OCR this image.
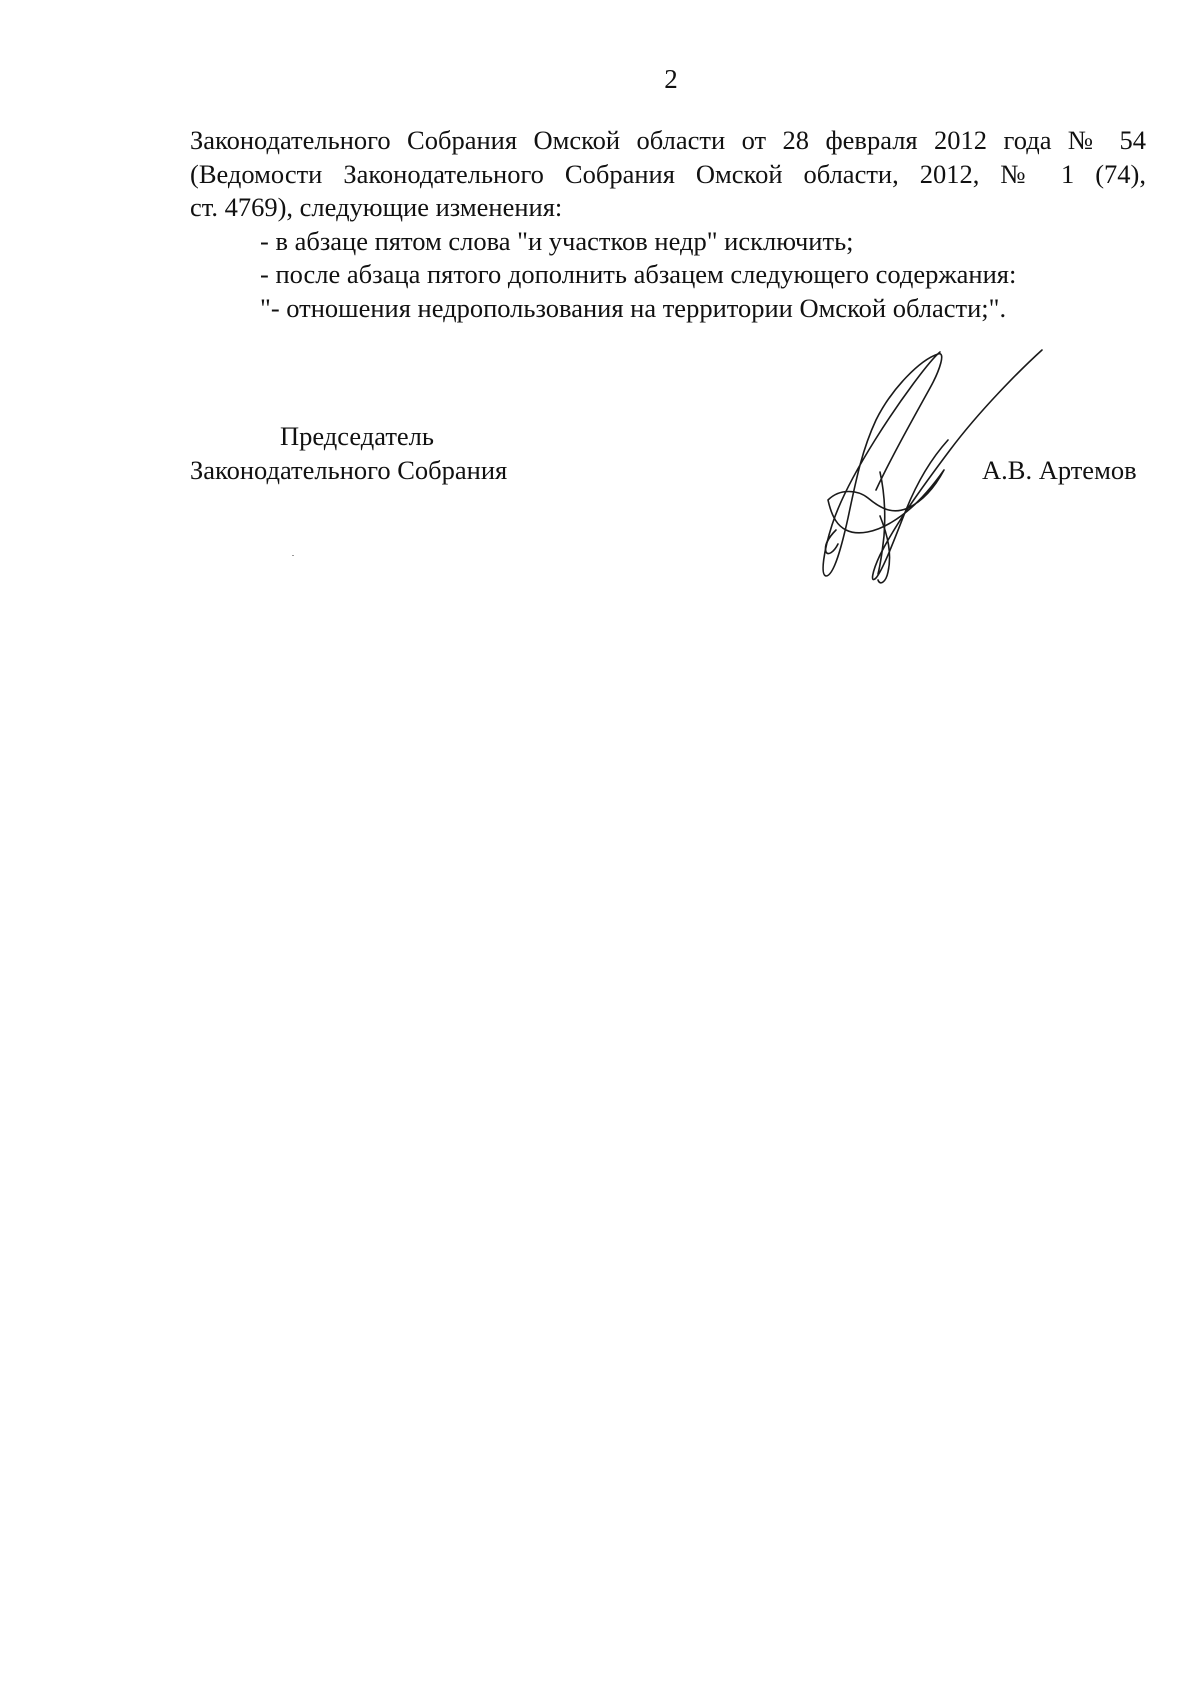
2
Законодательного Собрания Омской области от 28 февраля 2012 года № 54
(Ведомости Законодательного Собрания Омской области, 2012, № 1 (74),
ст. 4769), следующие изменения:
- в абзаце пятом слова "и участков недр" исключить;
- после абзаца пятого дополнить абзацем следующего содержания:
"- отношения недропользования на территории Омской области;".
Председатель
Законодательного Собрания	А.В. Артемов
